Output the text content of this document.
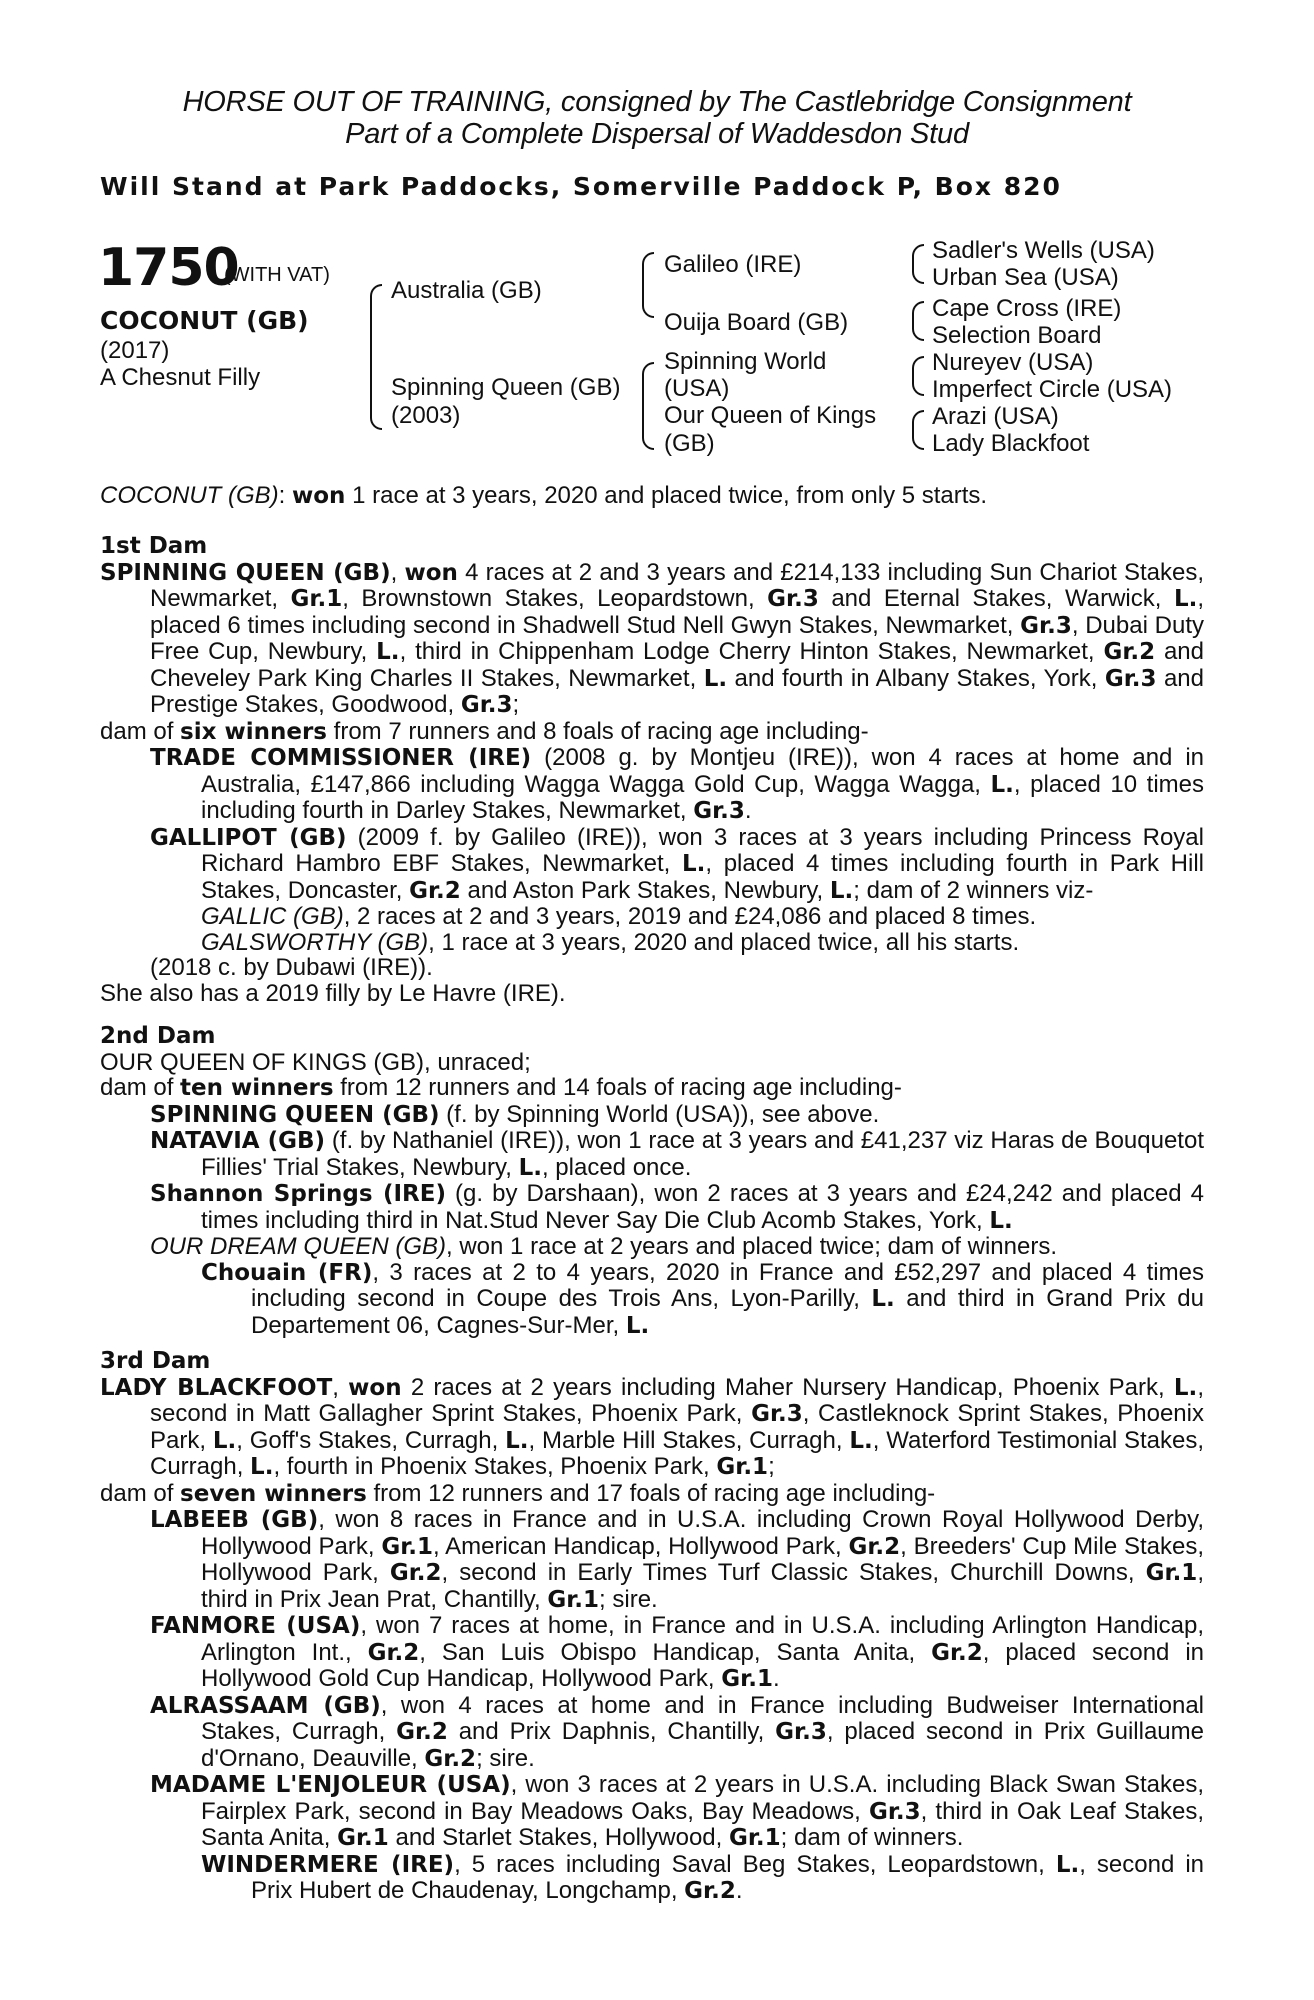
HORSE OUT OF TRAINING, consigned by The Castlebridge Consignment
Part of a Complete Dispersal of Waddesdon Stud
Will Stand at Park Paddocks, Somerville Paddock P, Box 820
1750
(WITH VAT)
COCONUT (GB)
(2017)
A Chesnut Filly
Australia (GB)
Spinning Queen (GB)
(2003)
Galileo (IRE)
Ouija Board (GB)
Spinning World
(USA)
Our Queen of Kings
(GB)
Sadler's Wells (USA)
Urban Sea (USA)
Cape Cross (IRE)
Selection Board
Nureyev (USA)
Imperfect Circle (USA)
Arazi (USA)
Lady Blackfoot

COCONUT (GB): won 1 race at 3 years, 2020 and placed twice, from only 5 starts.

1st Dam

SPINNING QUEEN (GB), won 4 races at 2 and 3 years and £214,133 including Sun Chariot Stakes, Newmarket, Gr.1, Brownstown Stakes, Leopardstown, Gr.3 and Eternal Stakes, Warwick, L., placed 6 times including second in Shadwell Stud Nell Gwyn Stakes, Newmarket, Gr.3, Dubai Duty Free Cup, Newbury, L., third in Chippenham Lodge Cherry Hinton Stakes, Newmarket, Gr.2 and Cheveley Park King Charles II Stakes, Newmarket, L. and fourth in Albany Stakes, York, Gr.3 and Prestige Stakes, Goodwood, Gr.3;

dam of six winners from 7 runners and 8 foals of racing age including-

TRADE COMMISSIONER (IRE) (2008 g. by Montjeu (IRE)), won 4 races at home and in Australia, £147,866 including Wagga Wagga Gold Cup, Wagga Wagga, L., placed 10 times including fourth in Darley Stakes, Newmarket, Gr.3.

GALLIPOT (GB) (2009 f. by Galileo (IRE)), won 3 races at 3 years including Princess Royal Richard Hambro EBF Stakes, Newmarket, L., placed 4 times including fourth in Park Hill Stakes, Doncaster, Gr.2 and Aston Park Stakes, Newbury, L.; dam of 2 winners viz-

GALLIC (GB), 2 races at 2 and 3 years, 2019 and £24,086 and placed 8 times.

GALSWORTHY (GB), 1 race at 3 years, 2020 and placed twice, all his starts.

(2018 c. by Dubawi (IRE)).

She also has a 2019 filly by Le Havre (IRE).

2nd Dam

OUR QUEEN OF KINGS (GB), unraced;

dam of ten winners from 12 runners and 14 foals of racing age including-

SPINNING QUEEN (GB) (f. by Spinning World (USA)), see above.

NATAVIA (GB) (f. by Nathaniel (IRE)), won 1 race at 3 years and £41,237 viz Haras de Bouquetot Fillies' Trial Stakes, Newbury, L., placed once.

Shannon Springs (IRE) (g. by Darshaan), won 2 races at 3 years and £24,242 and placed 4 times including third in Nat.Stud Never Say Die Club Acomb Stakes, York, L.

OUR DREAM QUEEN (GB), won 1 race at 2 years and placed twice; dam of winners.

Chouain (FR), 3 races at 2 to 4 years, 2020 in France and £52,297 and placed 4 times including second in Coupe des Trois Ans, Lyon-Parilly, L. and third in Grand Prix du Departement 06, Cagnes-Sur-Mer, L.

3rd Dam

LADY BLACKFOOT, won 2 races at 2 years including Maher Nursery Handicap, Phoenix Park, L., second in Matt Gallagher Sprint Stakes, Phoenix Park, Gr.3, Castleknock Sprint Stakes, Phoenix Park, L., Goff's Stakes, Curragh, L., Marble Hill Stakes, Curragh, L., Waterford Testimonial Stakes, Curragh, L., fourth in Phoenix Stakes, Phoenix Park, Gr.1;

dam of seven winners from 12 runners and 17 foals of racing age including-

LABEEB (GB), won 8 races in France and in U.S.A. including Crown Royal Hollywood Derby, Hollywood Park, Gr.1, American Handicap, Hollywood Park, Gr.2, Breeders' Cup Mile Stakes, Hollywood Park, Gr.2, second in Early Times Turf Classic Stakes, Churchill Downs, Gr.1, third in Prix Jean Prat, Chantilly, Gr.1; sire.

FANMORE (USA), won 7 races at home, in France and in U.S.A. including Arlington Handicap, Arlington Int., Gr.2, San Luis Obispo Handicap, Santa Anita, Gr.2, placed second in Hollywood Gold Cup Handicap, Hollywood Park, Gr.1.

ALRASSAAM (GB), won 4 races at home and in France including Budweiser International Stakes, Curragh, Gr.2 and Prix Daphnis, Chantilly, Gr.3, placed second in Prix Guillaume d'Ornano, Deauville, Gr.2; sire.

MADAME L'ENJOLEUR (USA), won 3 races at 2 years in U.S.A. including Black Swan Stakes, Fairplex Park, second in Bay Meadows Oaks, Bay Meadows, Gr.3, third in Oak Leaf Stakes, Santa Anita, Gr.1 and Starlet Stakes, Hollywood, Gr.1; dam of winners.

WINDERMERE (IRE), 5 races including Saval Beg Stakes, Leopardstown, L., second in Prix Hubert de Chaudenay, Longchamp, Gr.2.
